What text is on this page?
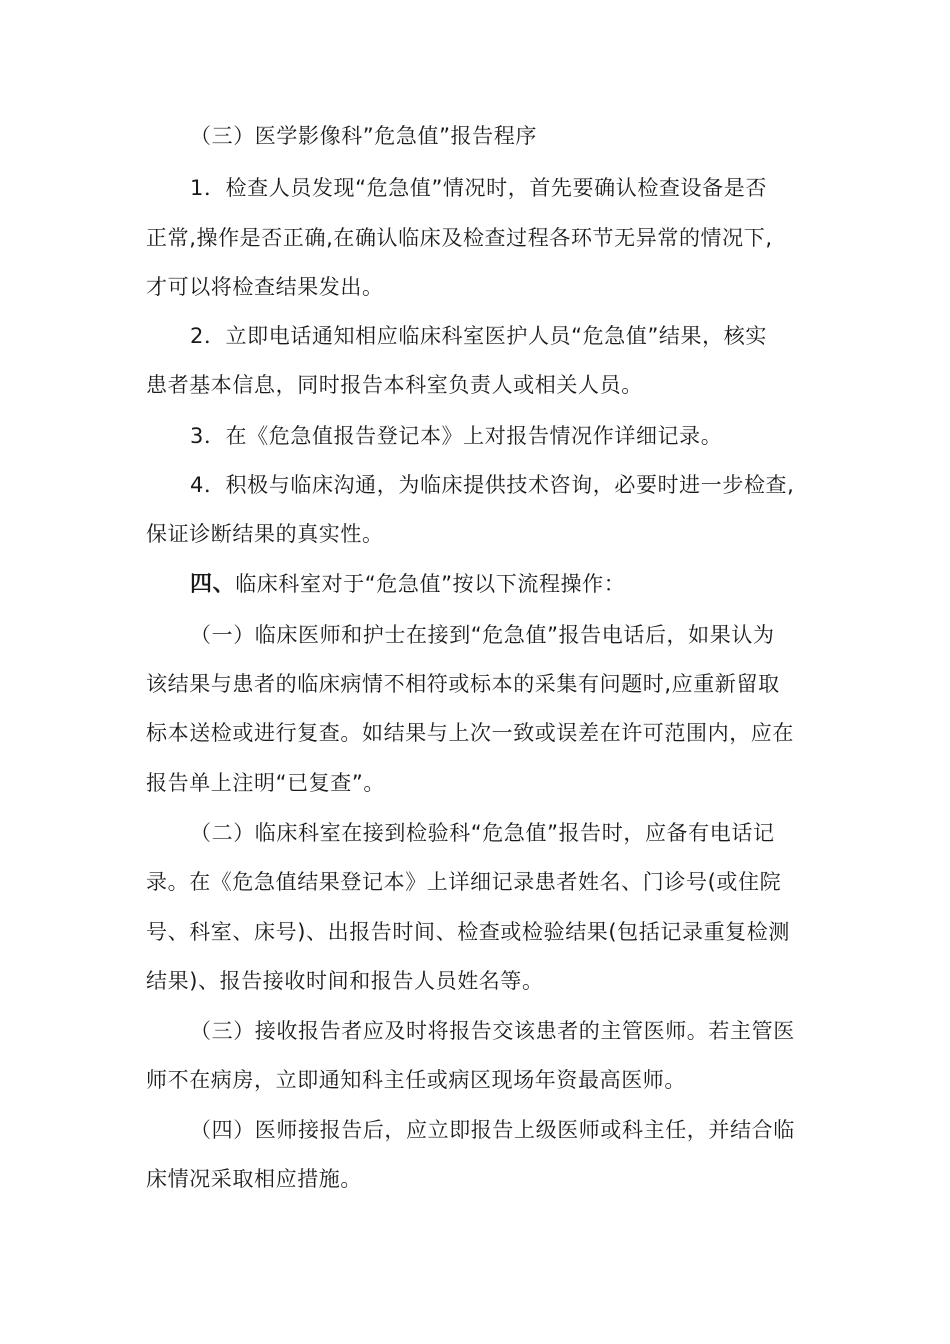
（三）医学影像科”危急值”报告程序
1．检查人员发现“危急值”情况时，首先要确认检查设备是否
正常,操作是否正确,在确认临床及检查过程各环节无异常的情况下,
才可以将检查结果发出。
2．立即电话通知相应临床科室医护人员“危急值”结果，核实
患者基本信息，同时报告本科室负责人或相关人员。
3．在《危急值报告登记本》上对报告情况作详细记录。
4．积极与临床沟通，为临床提供技术咨询，必要时进一步检查,
保证诊断结果的真实性。
四、临床科室对于“危急值”按以下流程操作：
（一）临床医师和护士在接到“危急值”报告电话后，如果认为
该结果与患者的临床病情不相符或标本的采集有问题时,应重新留取
标本送检或进行复查。如结果与上次一致或误差在许可范围内，应在
报告单上注明“已复查”。
（二）临床科室在接到检验科“危急值”报告时，应备有电话记
录。在《危急值结果登记本》上详细记录患者姓名、门诊号(或住院
号、科室、床号)、出报告时间、检查或检验结果(包括记录重复检测
结果)、报告接收时间和报告人员姓名等。
（三）接收报告者应及时将报告交该患者的主管医师。若主管医
师不在病房，立即通知科主任或病区现场年资最高医师。
（四）医师接报告后，应立即报告上级医师或科主任，并结合临
床情况采取相应措施。
